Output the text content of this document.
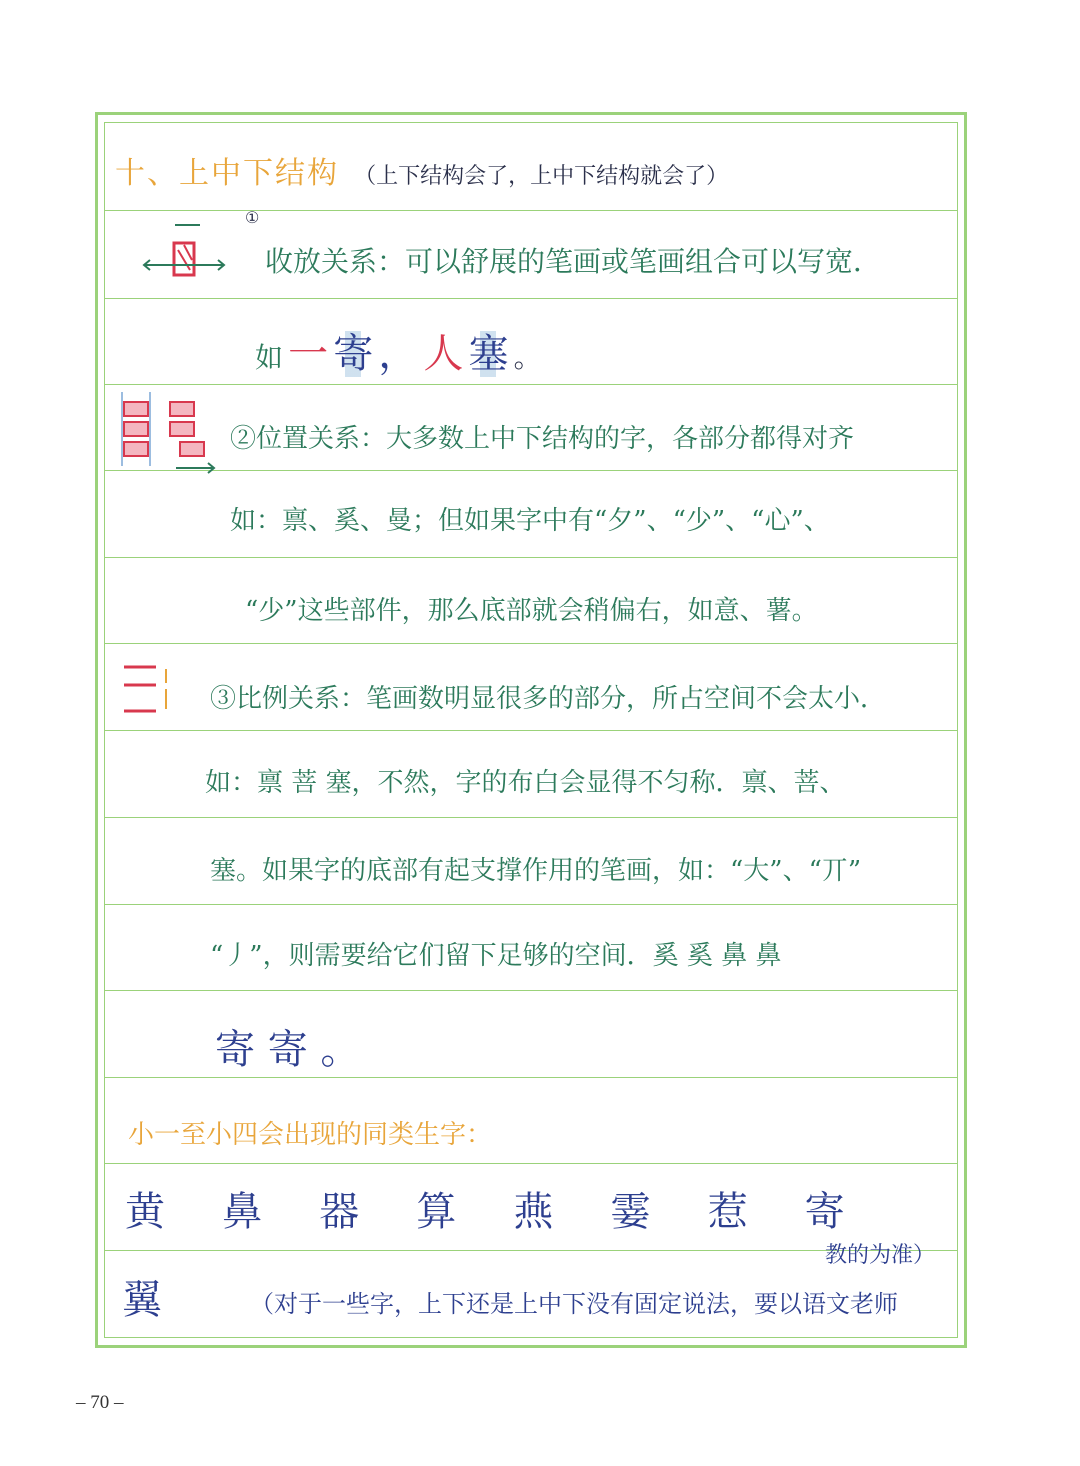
十、上中下结构 （上下结构会了，上中下结构就会了）
①
收放关系：可以舒展的笔画或笔画组合可以写宽．
如 一 寄 ， 人 塞 。
②位置关系：大多数上中下结构的字，各部分都得对齐
如：禀、奚、曼；但如果字中有“夕”、“少”、“心”、
“少”这些部件，那么底部就会稍偏右，如意、薯。
③比例关系：笔画数明显很多的部分，所占空间不会太小．
如：禀 菩 塞，不然，字的布白会显得不匀称．禀、菩、
塞。如果字的底部有起支撑作用的笔画，如：“大”、“丌”
“丿”，则需要给它们留下足够的空间．奚 奚 鼻 鼻
寄 寄 。
小一至小四会出现的同类生字：
黄 鼻 器 算 燕 霎 惹 寄
翼
教的为准）
（对于一些字，上下还是上中下没有固定说法，要以语文老师
– 70 –
